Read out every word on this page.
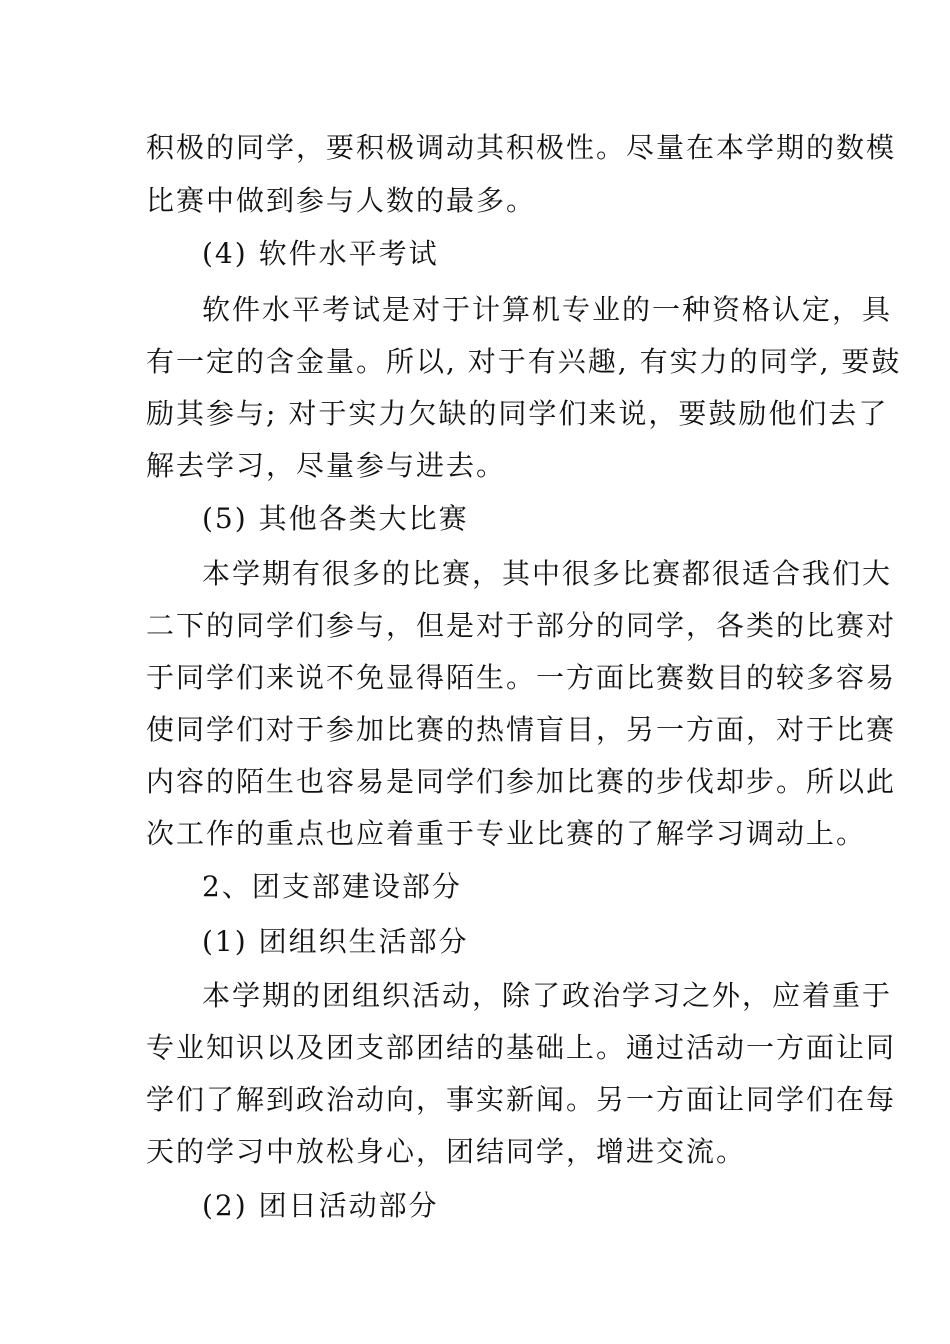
积极的同学，要积极调动其积极性。尽量在本学期的数模
比赛中做到参与人数的最多。
(4) 软件水平考试
软件水平考试是对于计算机专业的一种资格认定，具
有一定的含金量。所以, 对于有兴趣, 有实力的同学, 要鼓
励其参与; 对于实力欠缺的同学们来说，要鼓励他们去了
解去学习，尽量参与进去。
(5) 其他各类大比赛
本学期有很多的比赛，其中很多比赛都很适合我们大
二下的同学们参与，但是对于部分的同学，各类的比赛对
于同学们来说不免显得陌生。一方面比赛数目的较多容易
使同学们对于参加比赛的热情盲目，另一方面，对于比赛
内容的陌生也容易是同学们参加比赛的步伐却步。所以此
次工作的重点也应着重于专业比赛的了解学习调动上。
2、团支部建设部分
(1) 团组织生活部分
本学期的团组织活动，除了政治学习之外，应着重于
专业知识以及团支部团结的基础上。通过活动一方面让同
学们了解到政治动向，事实新闻。另一方面让同学们在每
天的学习中放松身心，团结同学，增进交流。
(2) 团日活动部分
